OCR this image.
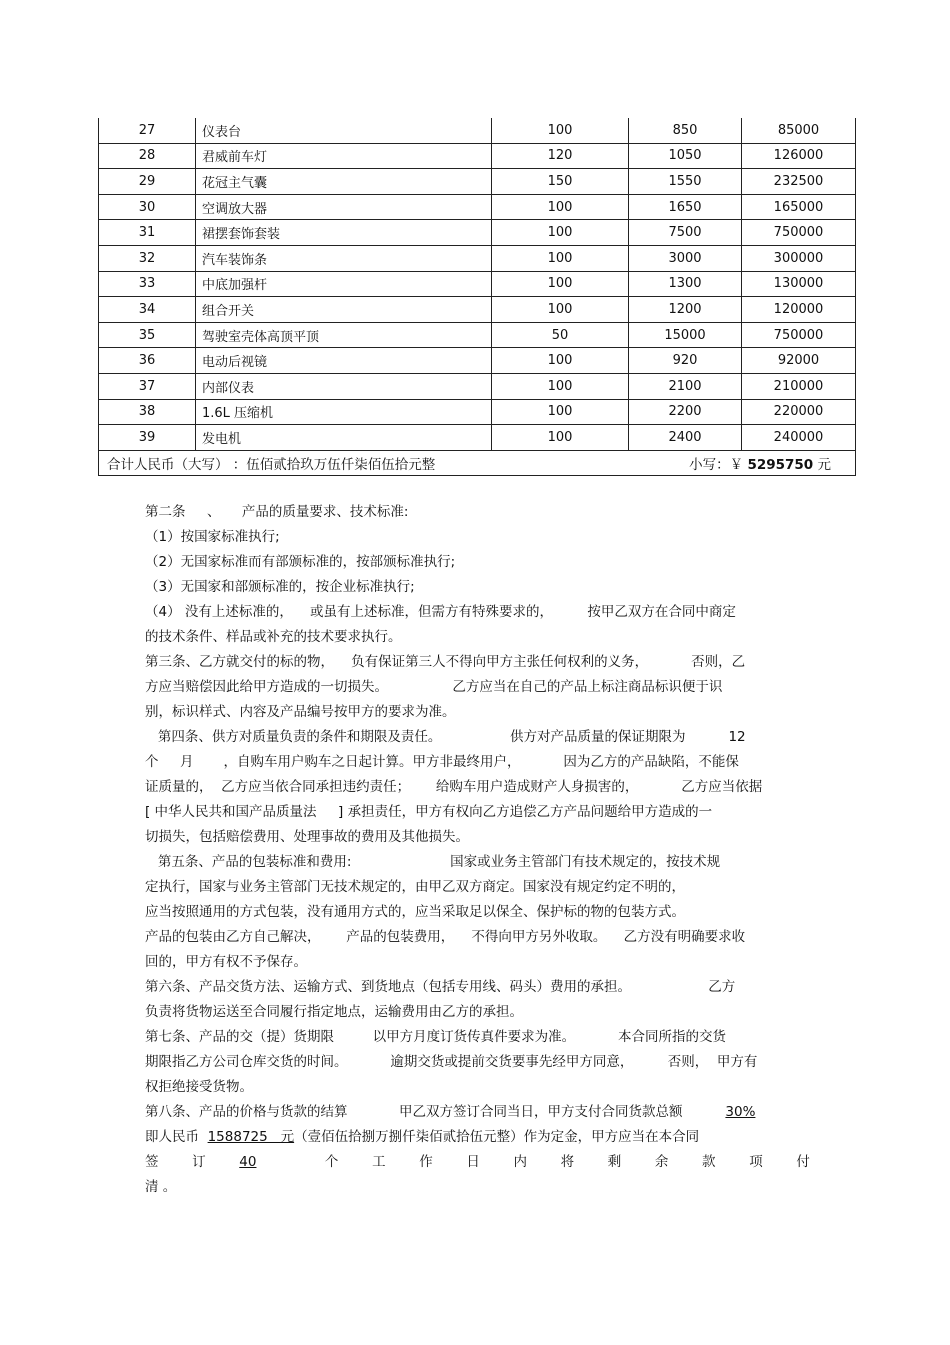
27	仪表台	100	850	85000
28	君威前车灯	120	1050	126000
29	花冠主气囊	150	1550	232500
30	空调放大器	100	1650	165000
31	裙摆套饰套装	100	7500	750000
32	汽车装饰条	100	3000	300000
33	中底加强杆	100	1300	130000
34	组合开关	100	1200	120000
35	驾驶室壳体高顶平顶	50	15000	750000
36	电动后视镜	100	920	92000
37	内部仪表	100	2100	210000
38	1.6L 压缩机	100	2200	220000
39	发电机	100	2400	240000
合计人民币（大写） ：伍佰贰拾玖万伍仟柒佰伍拾元整 小写：￥ 5295750 元				

第二条     、     产品的质量要求、技术标准:

（1）按国家标准执行;

（2）无国家标准而有部颁标准的，按部颁标准执行;

（3）无国家和部颁标准的，按企业标准执行;

（4） 没有上述标准的，    或虽有上述标准，但需方有特殊要求的，        按甲乙双方在合同中商定

的技术条件、样品或补充的技术要求执行。

第三条、乙方就交付的标的物，    负有保证第三人不得向甲方主张任何权利的义务，          否则，乙

方应当赔偿因此给甲方造成的一切损失。               乙方应当在自己的产品上标注商品标识便于识

别，标识样式、内容及产品编号按甲方的要求为准。

第四条、供方对质量负责的条件和期限及责任。                供方对产品质量的保证期限为          12

个     月       ，自购车用户购车之日起计算。甲方非最终用户，          因为乙方的产品缺陷，不能保

证质量的，  乙方应当依合同承担违约责任；      给购车用户造成财产人身损害的，          乙方应当依据

[ 中华人民共和国产品质量法     ] 承担责任，甲方有权向乙方追偿乙方产品问题给甲方造成的一

切损失，包括赔偿费用、处理事故的费用及其他损失。

第五条、产品的包装标准和费用:                       国家或业务主管部门有技术规定的，按技术规

定执行，国家与业务主管部门无技术规定的，由甲乙双方商定。国家没有规定约定不明的，

应当按照通用的方式包装，没有通用方式的，应当采取足以保全、保护标的物的包装方式。

产品的包装由乙方自己解决，      产品的包装费用，    不得向甲方另外收取。    乙方没有明确要求收

回的，甲方有权不予保存。

第六条、产品交货方法、运输方式、到货地点（包括专用线、码头）费用的承担。                  乙方

负责将货物运送至合同履行指定地点，运输费用由乙方的承担。

第七条、产品的交（提）货期限         以甲方月度订货传真件要求为准。          本合同所指的交货

期限指乙方公司仓库交货的时间。          逾期交货或提前交货要事先经甲方同意，        否则，  甲方有

权拒绝接受货物。

第八条、产品的价格与货款的结算            甲乙双方签订合同当日，甲方支付合同货款总额          30%

即人民币  1588725   元（壹佰伍拾捌万捌仟柒佰贰拾伍元整）作为定金，甲方应当在本合同

签 订 40	个 工 作 日 内 将 剩 余 款 项 付

清 。
